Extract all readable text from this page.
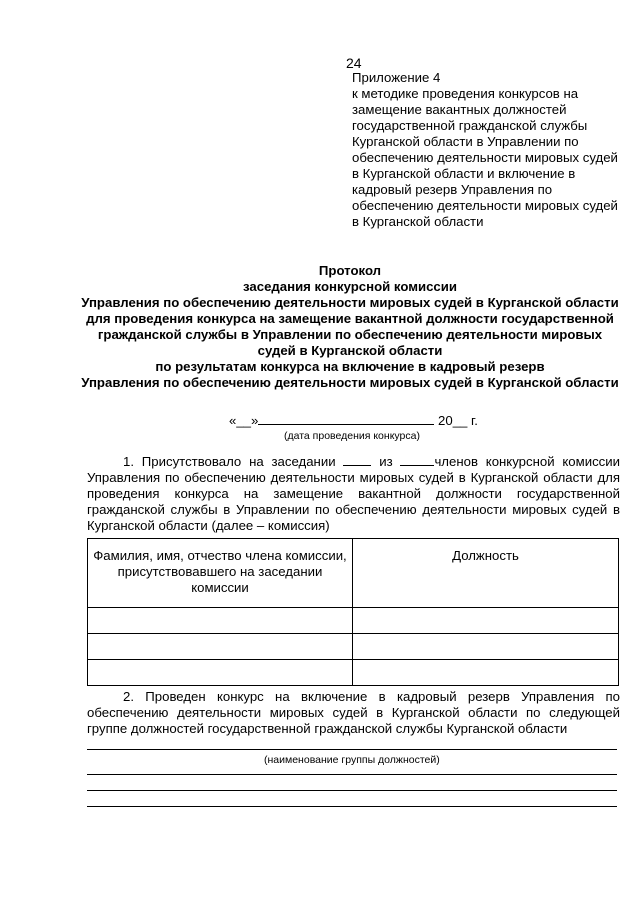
24
Приложение 4
к методике проведения конкурсов на
замещение вакантных должностей
государственной гражданской службы
Курганской области в Управлении по
обеспечению деятельности мировых судей
в Курганской области и включение в
кадровый резерв Управления по
обеспечению деятельности мировых судей
в Курганской области
Протокол
заседания конкурсной комиссии
Управления по обеспечению деятельности мировых судей в Курганской области
для проведения конкурса на замещение вакантной должности государственной
гражданской службы в Управлении по обеспечению деятельности мировых
судей в Курганской области
по результатам конкурса на включение в кадровый резерв
Управления по обеспечению деятельности мировых судей в Курганской области
«__»	20__ г.
(дата проведения конкурса)
1. Присутствовало на заседании  из	членов конкурсной комиссии Управления по обеспечению деятельности мировых судей в Курганской области для проведения конкурса на замещение вакантной должности государственной гражданской службы в Управлении по обеспечению деятельности мировых судей в Курганской области (далее – комиссия)
Фамилия, имя, отчество члена комиссии, присутствовавшего на заседании комиссии	Должность

2. Проведен конкурс на включение в кадровый резерв Управления по обеспечению деятельности мировых судей в Курганской области по следующей группе должностей государственной гражданской службы Курганской области
(наименование группы должностей)
